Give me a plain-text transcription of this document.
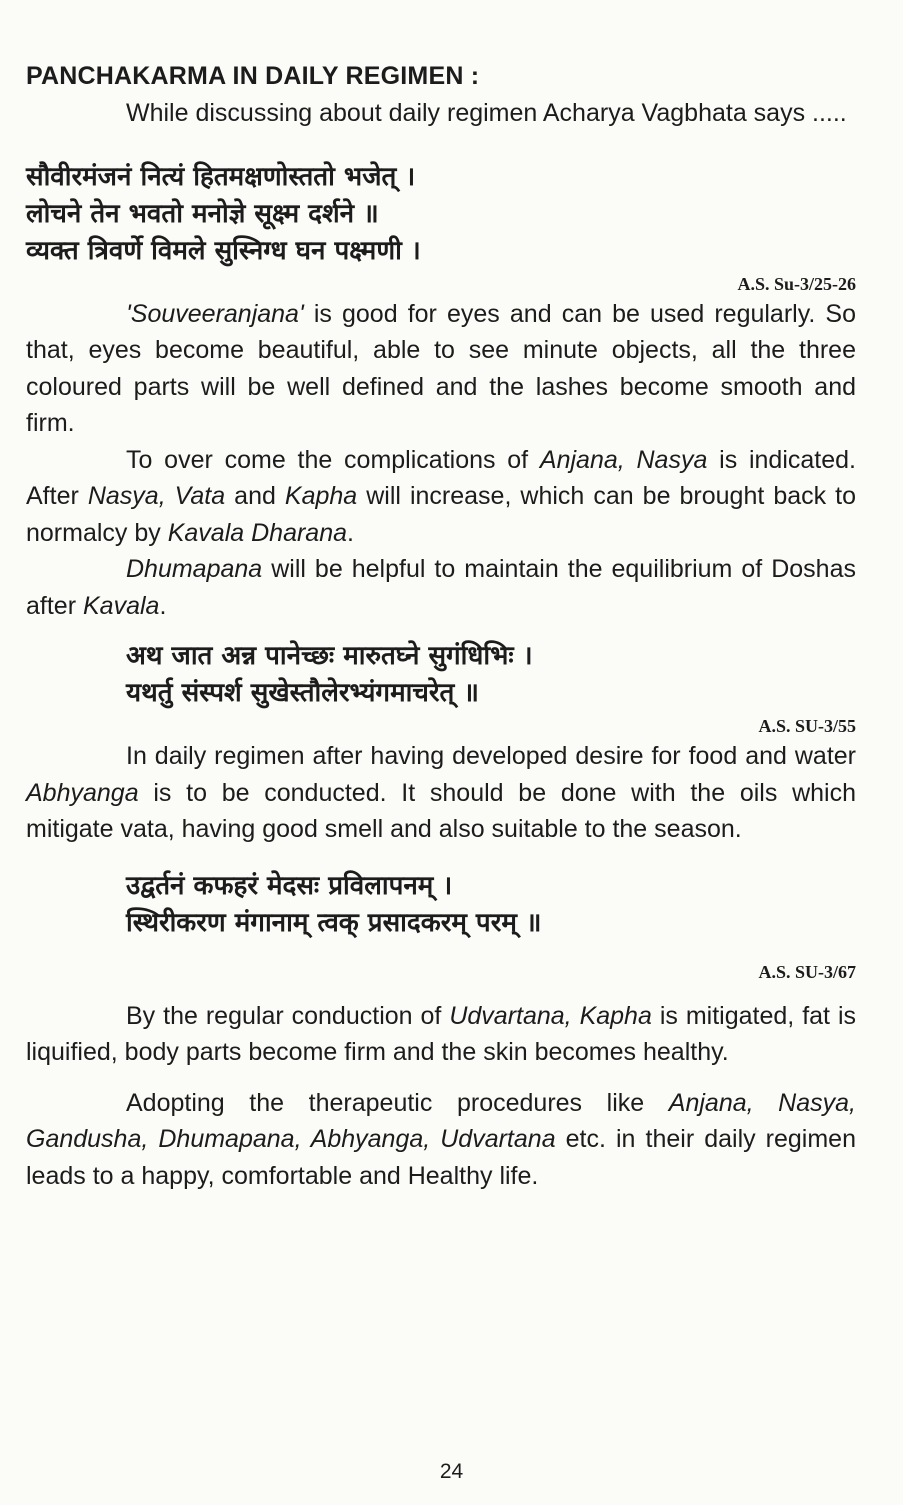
PANCHAKARMA IN DAILY REGIMEN :

While discussing about daily regimen Acharya Vagbhata says .....

सौवीरमंजनं नित्यं हितमक्षणोस्ततो भजेत् ।
लोचने तेन भवतो मनोज्ञे सूक्ष्म दर्शने ॥
व्यक्त त्रिवर्णे विमले सुस्निग्ध घन पक्ष्मणी ।
A.S. Su-3/25-26

'Souveeranjana' is good for eyes and can be used regularly. So that, eyes become beautiful, able to see minute objects, all the three coloured parts will be well defined and the lashes become smooth and firm.

To over come the complications of Anjana, Nasya is indicated. After Nasya, Vata and Kapha will increase, which can be brought back to normalcy by Kavala Dharana.

Dhumapana will be helpful to maintain the equilibrium of Doshas after Kavala.

अथ जात अन्न पानेच्छः मारुतघ्ने सुगंधिभिः ।
यथर्तु संस्पर्श सुखेस्तौलेरभ्यंगमाचरेत् ॥
A.S. SU-3/55

In daily regimen after having developed desire for food and water Abhyanga is to be conducted. It should be done with the oils which mitigate vata, having good smell and also suitable to the season.

उद्वर्तनं कफहरं मेदसः प्रविलापनम् ।
स्थिरीकरण मंगानाम् त्वक् प्रसादकरम् परम् ॥
A.S. SU-3/67

By the regular conduction of Udvartana, Kapha is mitigated, fat is liquified, body parts become firm and the skin becomes healthy.

Adopting the therapeutic procedures like Anjana, Nasya, Gandusha, Dhumapana, Abhyanga, Udvartana etc. in their daily regimen leads to a happy, comfortable and Healthy life.

24
